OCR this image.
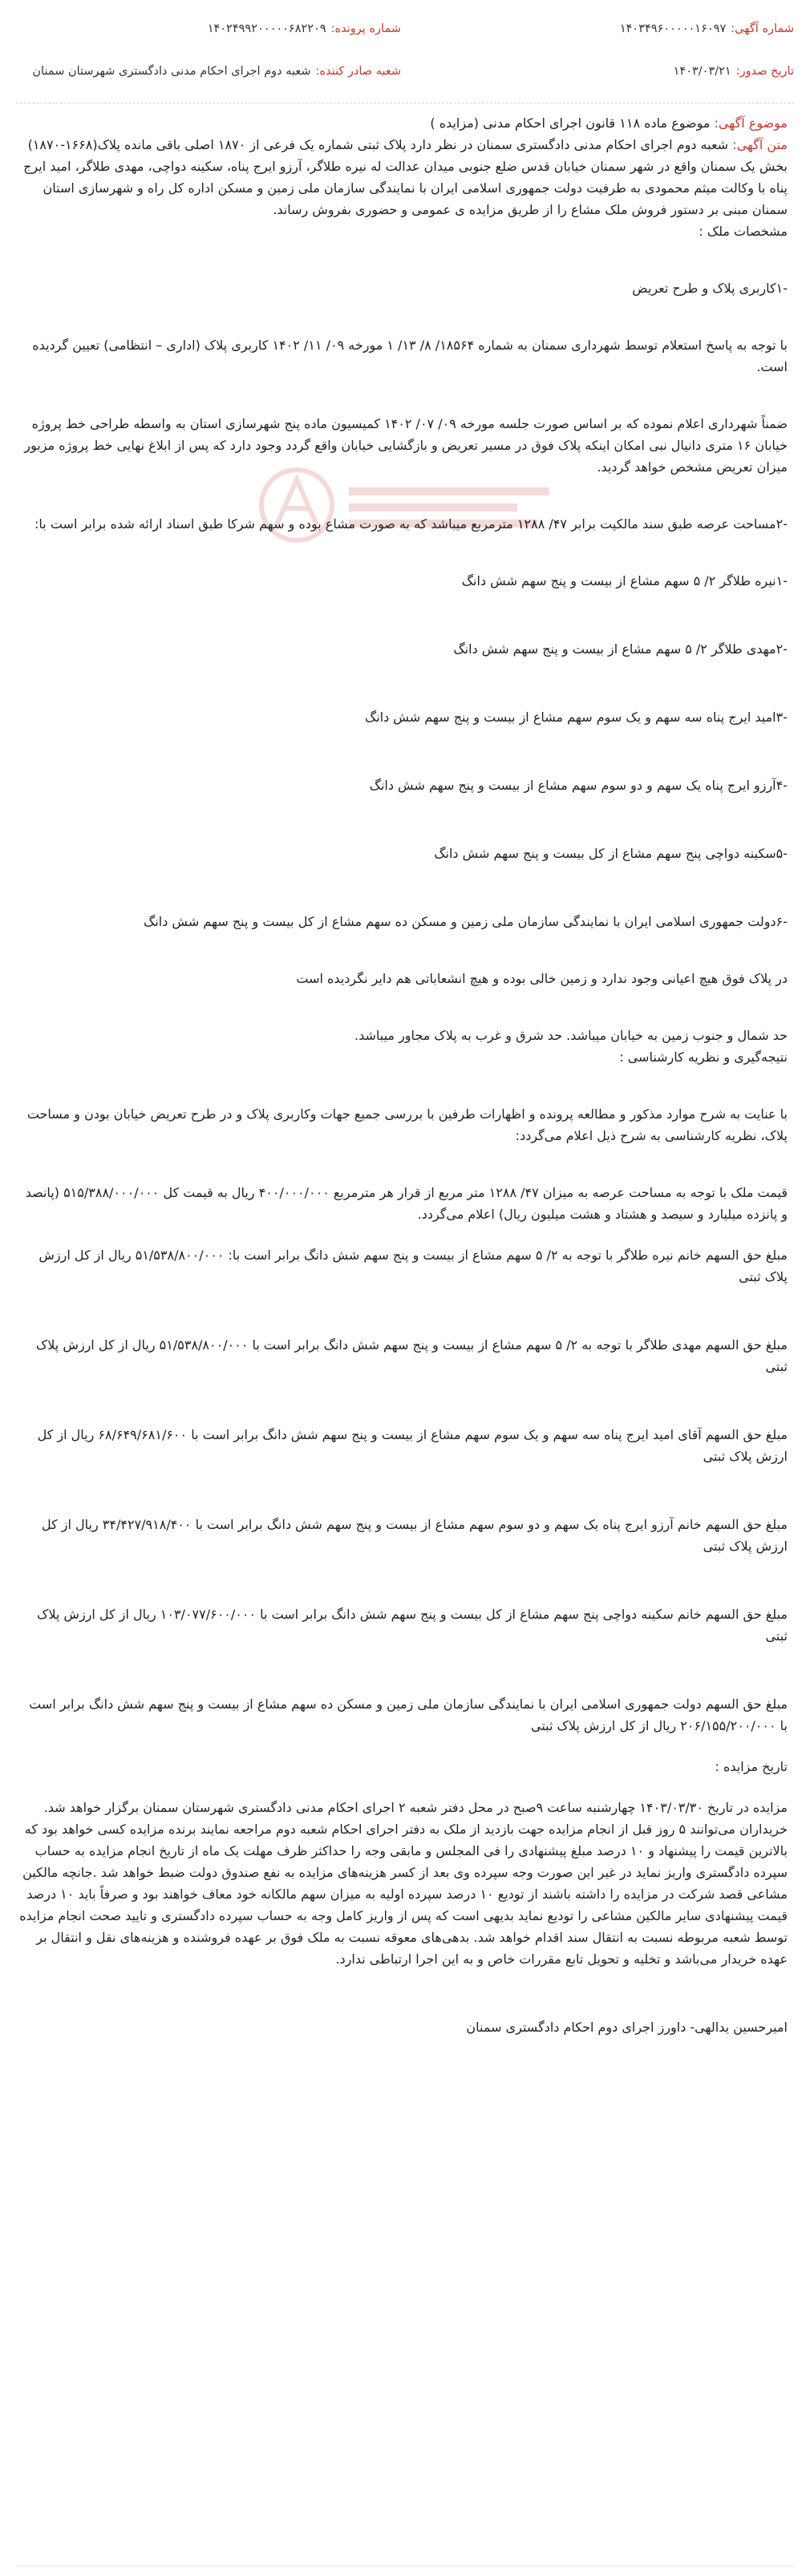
شماره آگهی:
۱۴۰۳۴۹۶۰۰۰۰۰۱۶۰۹۷
شماره پرونده:
۱۴۰۲۴۹۹۲۰۰۰۰۰۶۸۲۲۰۹
تاریخ صدور:
۱۴۰۳/۰۳/۲۱
شعبه صادر کننده:
شعبه دوم اجرای احکام مدنی دادگستری شهرستان سمنان

موضوع آگهی: موضوع ماده ۱۱۸ قانون اجرای احکام مدنی (مزایده )

متن آگهی: شعبه دوم اجرای احکام مدنی دادگستری سمنان در نظر دارد پلاک ثبتی شماره یک فرعی از ۱۸۷۰ اصلی باقی مانده پلاک(۱۶۶۸-۱۸۷۰) بخش یک سمنان واقع در شهر سمنان خیابان قدس ضلع جنوبی میدان عدالت له نیره طلاگر، آرزو ایرج پناه، سکینه دواچی، مهدی طلاگر، امید ایرج پناه با وکالت میثم محمودی به طرفیت دولت جمهوری اسلامی ایران با نمایندگی سازمان ملی زمین و مسکن اداره کل راه و شهرسازی استان سمنان مبنی بر دستور فروش ملک مشاع را از طریق مزایده ی عمومی و حضوری بفروش رساند.

مشخصات ملک :

-۱کاربری پلاک و طرح تعریض

با توجه به پاسخ استعلام توسط شهرداری سمنان به شماره ۱۸۵۶۴/ ۸/ ۱۳/ ۱ مورخه ۰۹/ ۱۱/ ۱۴۰۲ کاربری پلاک (اداری – انتظامی) تعیین گردیده است.

ضمناً شهرداری اعلام نموده که بر اساس صورت جلسه مورخه ۰۹/ ۰۷/ ۱۴۰۲ کمیسیون ماده پنج شهرسازی استان به واسطه طراحی خط پروژه خیابان ۱۶ متری دانیال نبی امکان اینکه پلاک فوق در مسیر تعریض و بازگشایی خیابان واقع گردد وجود دارد که پس از ابلاغ نهایی خط پروژه مزبور میزان تعریض مشخص خواهد گردید.

-۲مساحت عرصه طبق سند مالکیت برابر ۴۷/ ۱۲۸۸ مترمربع میباشد که به صورت مشاع بوده و سهم شرکا طبق اسناد ارائه شده برابر است با:

-۱نیره طلاگر ۲/ ۵ سهم مشاع از بیست و پنج سهم شش دانگ

-۲مهدی طلاگر ۲/ ۵ سهم مشاع از بیست و پنج سهم شش دانگ

-۳امید ایرج پناه سه سهم و یک سوم سهم مشاع از بیست و پنج سهم شش دانگ

-۴آرزو ایرج پناه یک سهم و دو سوم سهم مشاع از بیست و پنج سهم شش دانگ

-۵سکینه دواچی پنج سهم مشاع از کل بیست و پنج سهم شش دانگ

-۶دولت جمهوری اسلامی ایران با نمایندگی سازمان ملی زمین و مسکن ده سهم مشاع از کل بیست و پنج سهم شش دانگ

در پلاک فوق هیچ اعیانی وجود ندارد و زمین خالی بوده و هیچ انشعاباتی هم دایر نگردیده است

حد شمال و جنوب زمین به خیابان میباشد. حد شرق و غرب به پلاک مجاور میباشد.

نتیجه‌گیری و نظریه کارشناسی :

با عنایت به شرح موارد مذکور و مطالعه پرونده و اظهارات طرفین با بررسی جمیع جهات وکاربری پلاک و در طرح تعریض خیابان بودن و مساحت پلاک، نظریه کارشناسی به شرح ذیل اعلام می‌گردد:

قیمت ملک با توجه به مساحت عرصه به میزان ۴۷/ ۱۲۸۸ متر مربع از قرار هر مترمربع ۴۰۰/۰۰۰/۰۰۰ ریال به قیمت کل ۵۱۵/۳۸۸/۰۰۰/۰۰۰ (پانصد و پانزده میلیارد و سیصد و هشتاد و هشت میلیون ریال) اعلام می‌گردد.

مبلغ حق السهم خانم نیره طلاگر با توجه به ۲/ ۵ سهم مشاع از بیست و پنج سهم شش دانگ برابر است با: ۵۱/۵۳۸/۸۰۰/۰۰۰ ریال از کل ارزش پلاک ثبتی

مبلغ حق السهم مهدی طلاگر با توجه به ۲/ ۵ سهم مشاع از بیست و پنج سهم شش دانگ برابر است با ۵۱/۵۳۸/۸۰۰/۰۰۰ ریال از کل ارزش پلاک ثبتی

مبلغ حق السهم آقای امید ایرج پناه سه سهم و یک سوم سهم مشاع از بیست و پنج سهم شش دانگ برابر است با ۶۸/۶۴۹/۶۸۱/۶۰۰ ریال از کل ارزش پلاک ثبتی

مبلغ حق السهم خانم آرزو ایرج پناه یک سهم و دو سوم سهم مشاع از بیست و پنج سهم شش دانگ برابر است با ۳۴/۴۲۷/۹۱۸/۴۰۰ ریال از کل ارزش پلاک ثبتی

مبلغ حق السهم خانم سکینه دواچی پنج سهم مشاع از کل بیست و پنج سهم شش دانگ برابر است با ۱۰۳/۰۷۷/۶۰۰/۰۰۰ ریال از کل ارزش پلاک ثبتی

مبلغ حق السهم دولت جمهوری اسلامی ایران با نمایندگی سازمان ملی زمین و مسکن ده سهم مشاع از بیست و پنج سهم شش دانگ برابر است با ۲۰۶/۱۵۵/۲۰۰/۰۰۰ ریال از کل ارزش پلاک ثبتی

تاریخ مزایده :

مزایده در تاریخ ۱۴۰۳/۰۳/۳۰ چهارشنبه ساعت ۹صبح در محل دفتر شعبه ۲ اجرای احکام مدنی دادگستری شهرستان سمنان برگزار خواهد شد. خریداران می‌توانند ۵ روز قبل از انجام مزایده جهت بازدید از ملک به دفتر اجرای احکام شعبه دوم مراجعه نمایند برنده مزایده کسی خواهد بود که بالاترین قیمت را پیشنهاد و ۱۰ درصد مبلغ پیشنهادی را فی المجلس و مابقی وجه را حداکثر ظرف مهلت یک ماه از تاریخ انجام مزایده به حساب سپرده دادگستری واریز نماید در غیر این صورت وجه سپرده وی بعد از کسر هزینه‌های مزایده به نفع صندوق دولت ضبط خواهد شد .جانچه مالکین مشاعی قصد شرکت در مزایده را داشته باشند از تودیع ۱۰ درصد سپرده اولیه به میزان سهم مالکانه خود معاف خواهند بود و صرفاً باید ۱۰ درصد قیمت پیشنهادی سایر مالکین مشاعی را تودیع نماید بدیهی است که پس از واریز کامل وجه به حساب سپرده دادگستری و تایید صحت انجام مزایده توسط شعبه مربوطه نسبت به انتقال سند اقدام خواهد شد. بدهی‌های معوقه نسبت به ملک فوق بر عهده فروشنده و هزینه‌های نقل و انتقال بر عهده خریدار می‌باشد و تخلیه و تحویل تابع مقررات خاص و به این اجرا ارتباطی ندارد.

امیرحسین یدالهی- داورز اجرای دوم احکام دادگستری سمنان
